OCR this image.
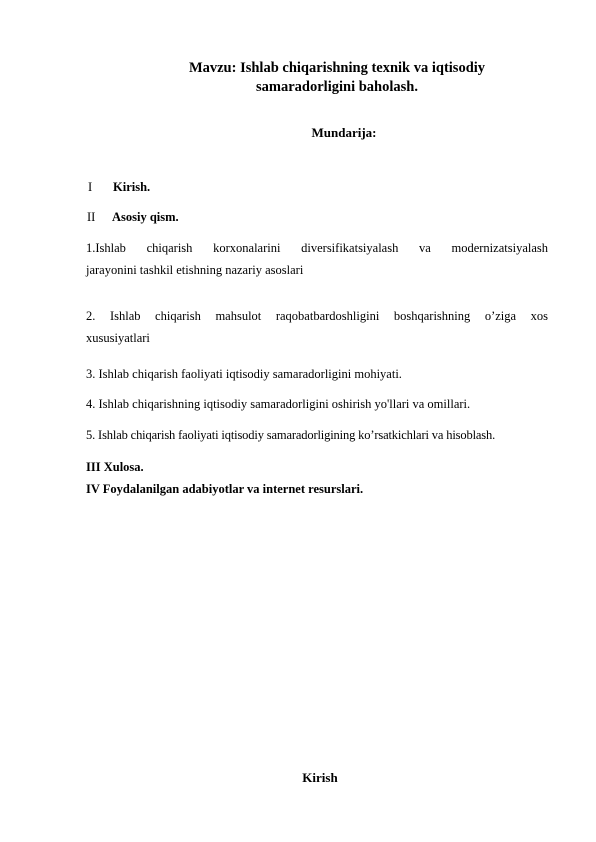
Mavzu: Ishlab chiqarishning texnik va iqtisodiy
samaradorligini baholash.
Mundarija:
I Kirish.
II Asosiy qism.
1.Ishlab chiqarish korxonalarini diversifikatsiyalash va modernizatsiyalash
jarayonini tashkil etishning nazariy asoslari
2. Ishlab chiqarish mahsulot raqobatbardoshligini boshqarishning o’ziga xos
xususiyatlari
3. Ishlab chiqarish faoliyati iqtisodiy samaradorligini mohiyati.
4. Ishlab chiqarishning iqtisodiy samaradorligini oshirish yo'llari va omillari.
5. Ishlab chiqarish faoliyati iqtisodiy samaradorligining ko’rsatkichlari va hisoblash.
III Xulosa.
IV Foydalanilgan adabiyotlar va internet resurslari.
Kirish
